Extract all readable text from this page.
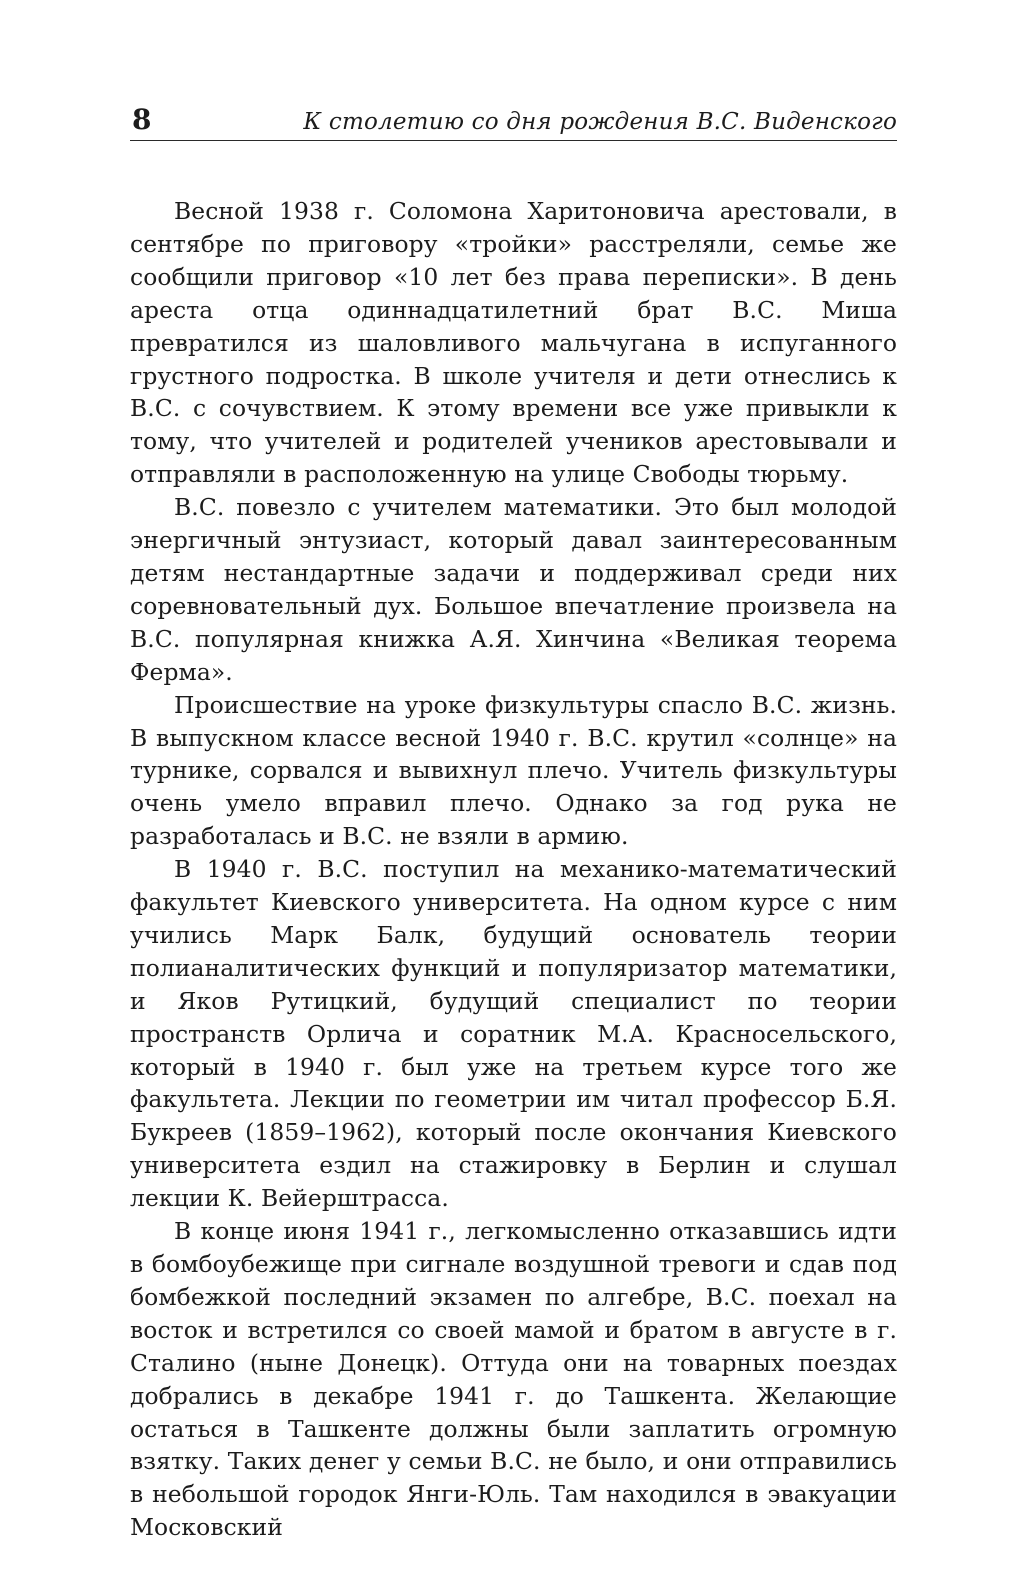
8	К столетию со дня рождения В.С. Виденского

Весной 1938 г. Соломона Харитоновича арестовали, в сентябре по приговору «тройки» расстреляли, семье же сообщили приговор «10 лет без права переписки». В день ареста отца одиннадцатилетний брат В.С. Миша превратился из шаловливого мальчугана в испуганного грустного подростка. В школе учителя и дети отнеслись к В.С. с сочувствием. К этому времени все уже привыкли к тому, что учителей и родителей учеников арестовывали и отправляли в расположенную на улице Свободы тюрьму.

В.С. повезло с учителем математики. Это был молодой энергичный энтузиаст, который давал заинтересованным детям нестандартные задачи и поддерживал среди них соревновательный дух. Большое впечатление произвела на В.С. популярная книжка А.Я. Хинчина «Великая теорема Ферма».

Происшествие на уроке физкультуры спасло В.С. жизнь. В выпускном классе весной 1940 г. В.С. крутил «солнце» на турнике, сорвался и вывихнул плечо. Учитель физкультуры очень умело вправил плечо. Однако за год рука не разработалась и В.С. не взяли в армию.

В 1940 г. В.С. поступил на механико-математический факультет Киевского университета. На одном курсе с ним учились Марк Балк, будущий основатель теории полианалитических функций и популяризатор математики, и Яков Рутицкий, будущий специалист по теории пространств Орлича и соратник М.А. Красносельского, который в 1940 г. был уже на третьем курсе того же факультета. Лекции по геометрии им читал профессор Б.Я. Букреев (1859–1962), который после окончания Киевского университета ездил на стажировку в Берлин и слушал лекции К. Вейерштрасса.

В конце июня 1941 г., легкомысленно отказавшись идти в бомбоубежище при сигнале воздушной тревоги и сдав под бомбежкой последний экзамен по алгебре, В.С. поехал на восток и встретился со своей мамой и братом в августе в г. Сталино (ныне Донецк). Оттуда они на товарных поездах добрались в декабре 1941 г. до Ташкента. Желающие остаться в Ташкенте должны были заплатить огромную взятку. Таких денег у семьи В.С. не было, и они отправились в небольшой городок Янги-Юль. Там находился в эвакуации Московский
